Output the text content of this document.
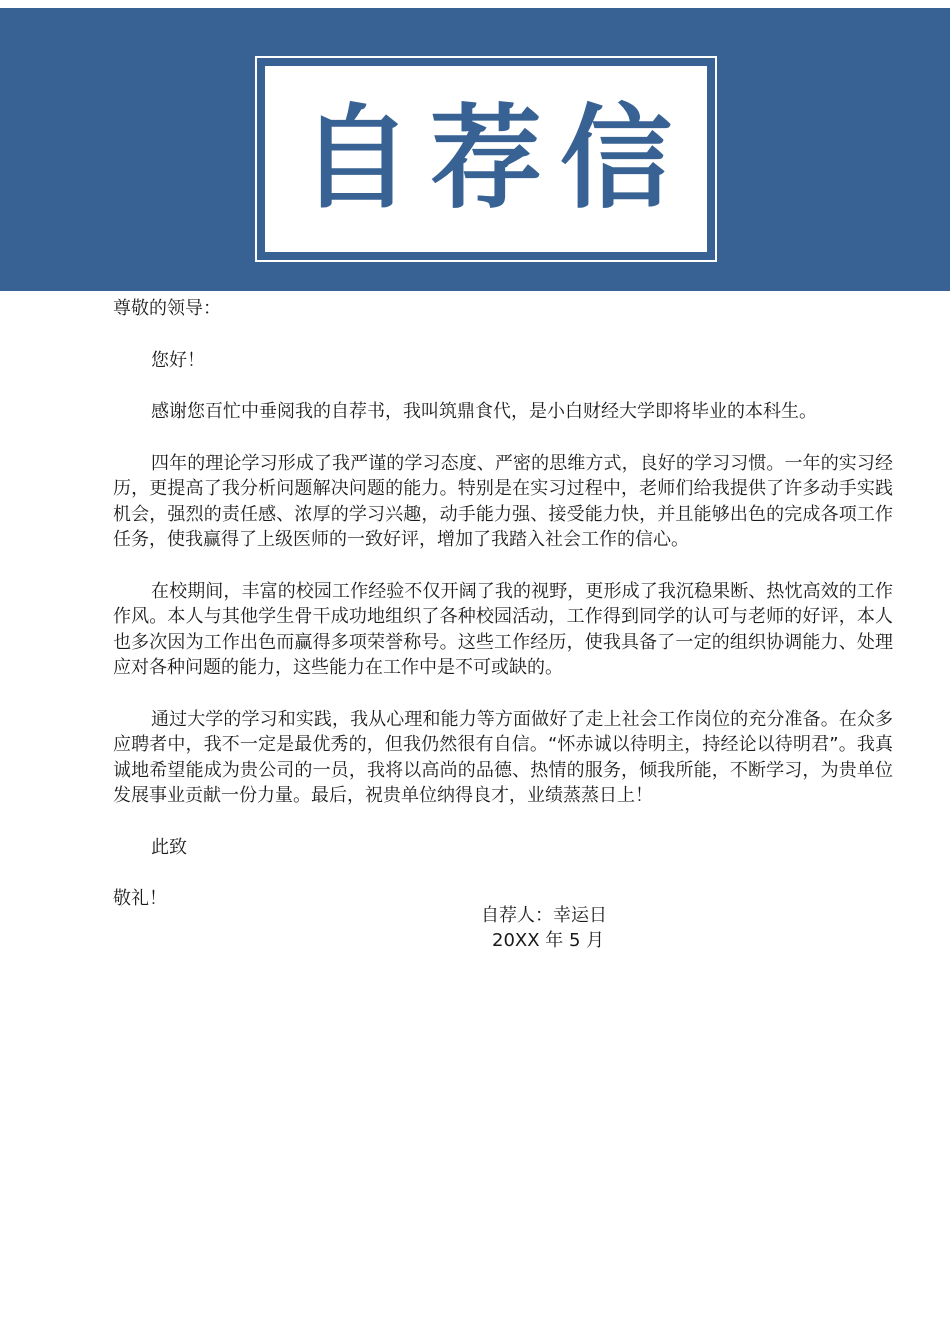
自荐信

尊敬的领导：

您好！

感谢您百忙中垂阅我的自荐书，我叫筑鼎食代，是小白财经大学即将毕业的本科生。

四年的理论学习形成了我严谨的学习态度、严密的思维方式，良好的学习习惯。一年的实习经历，更提高了我分析问题解决问题的能力。特别是在实习过程中，老师们给我提供了许多动手实践机会，强烈的责任感、浓厚的学习兴趣，动手能力强、接受能力快，并且能够出色的完成各项工作任务，使我赢得了上级医师的一致好评，增加了我踏入社会工作的信心。

在校期间，丰富的校园工作经验不仅开阔了我的视野，更形成了我沉稳果断、热忱高效的工作作风。本人与其他学生骨干成功地组织了各种校园活动，工作得到同学的认可与老师的好评，本人也多次因为工作出色而赢得多项荣誉称号。这些工作经历，使我具备了一定的组织协调能力、处理应对各种问题的能力，这些能力在工作中是不可或缺的。

通过大学的学习和实践，我从心理和能力等方面做好了走上社会工作岗位的充分准备。在众多应聘者中，我不一定是最优秀的，但我仍然很有自信。“怀赤诚以待明主，持经论以待明君”。我真诚地希望能成为贵公司的一员，我将以高尚的品德、热情的服务，倾我所能，不断学习，为贵单位发展事业贡献一份力量。最后，祝贵单位纳得良才，业绩蒸蒸日上！

此致

敬礼！

自荐人：幸运日
20XX 年 5 月
